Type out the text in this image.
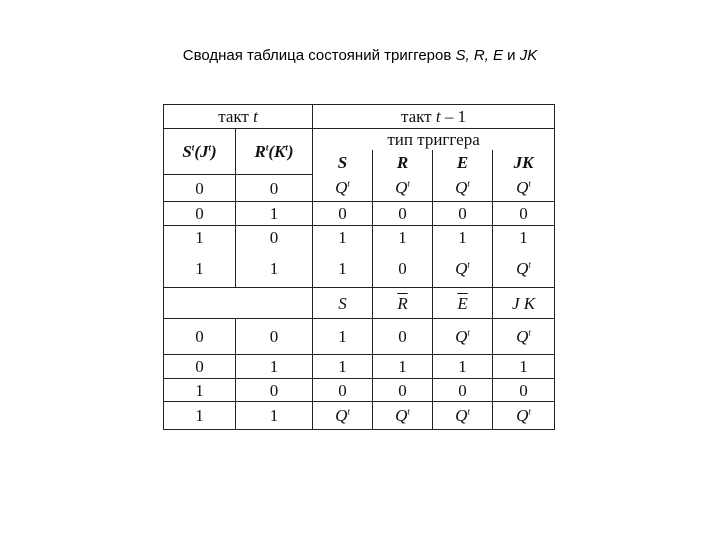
Сводная таблица состояний триггеров S, R, E и JK
такт t		такт t – 1			
$S^t(J^t)$	$R^t(K^t)$	тип триггера			
		S	R	E	JK
0	0	$Q^t$	$Q^t$	$Q^t$	$Q^t$
0	1	0	0	0	0
1	0	1	1	1	1
1	1	1	0	$Q^t$	$Q^t$
		S	$\overline{R}$	$\overline{E}$	J K
0	0	1	0	$Q^t$	$Q^t$
0	1	1	1	1	1
1	0	0	0	0	0
1	1	$Q^t$	$Q^t$	$Q^t$	$Q^t$
